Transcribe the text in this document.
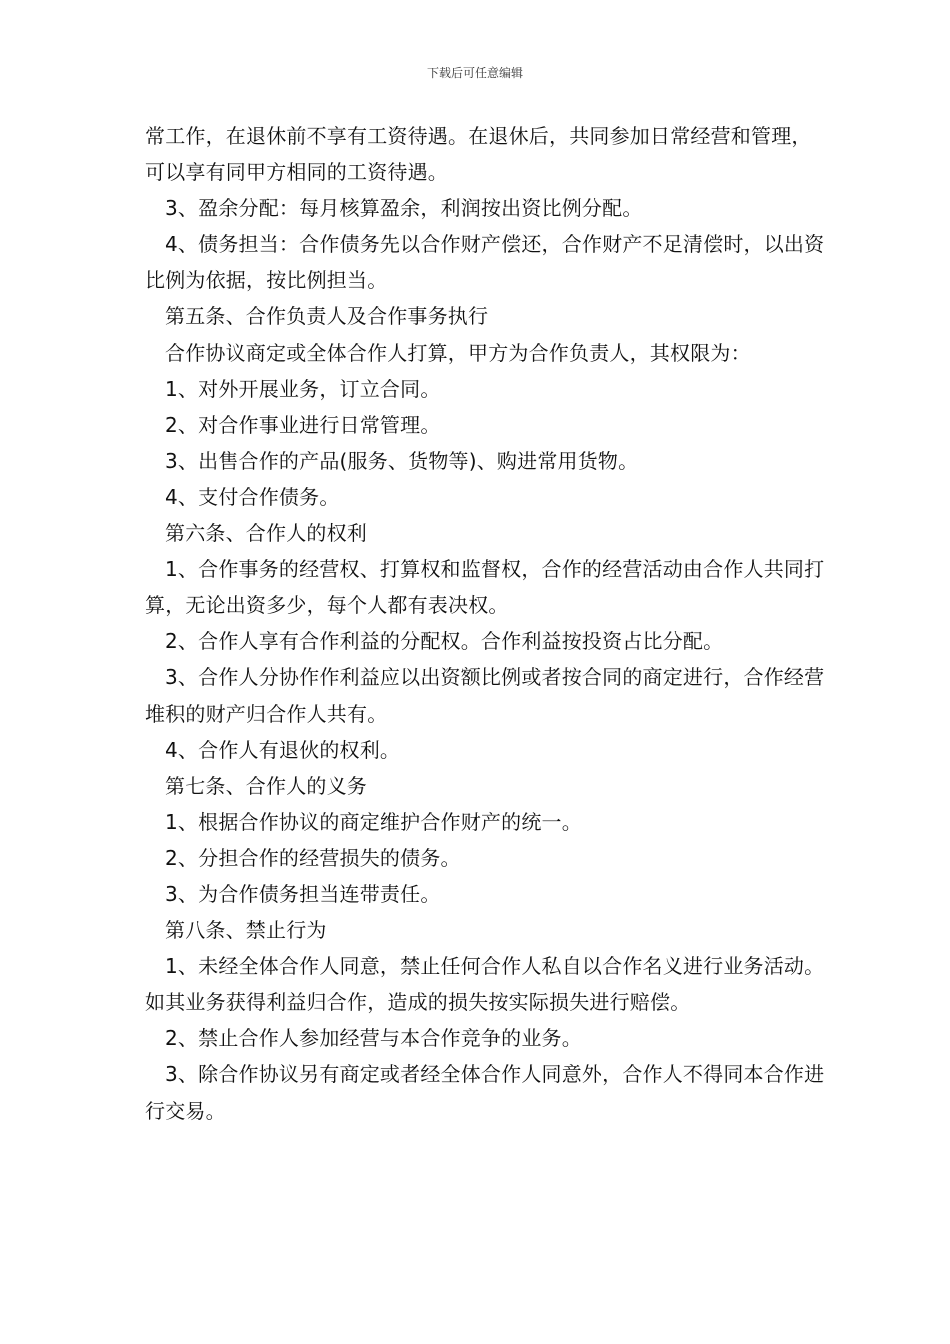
下载后可任意编辑

常工作，在退休前不享有工资待遇。在退休后，共同参加日常经营和管理，可以享有同甲方相同的工资待遇。

3、盈余分配：每月核算盈余，利润按出资比例分配。

4、债务担当：合作债务先以合作财产偿还，合作财产不足清偿时，以出资比例为依据，按比例担当。

第五条、合作负责人及合作事务执行

合作协议商定或全体合作人打算，甲方为合作负责人，其权限为：

1、对外开展业务，订立合同。

2、对合作事业进行日常管理。

3、出售合作的产品(服务、货物等)、购进常用货物。

4、支付合作债务。

第六条、合作人的权利

1、合作事务的经营权、打算权和监督权，合作的经营活动由合作人共同打算，无论出资多少，每个人都有表决权。

2、合作人享有合作利益的分配权。合作利益按投资占比分配。

3、合作人分协作作利益应以出资额比例或者按合同的商定进行，合作经营堆积的财产归合作人共有。

4、合作人有退伙的权利。

第七条、合作人的义务

1、根据合作协议的商定维护合作财产的统一。

2、分担合作的经营损失的债务。

3、为合作债务担当连带责任。

第八条、禁止行为

1、未经全体合作人同意，禁止任何合作人私自以合作名义进行业务活动。如其业务获得利益归合作，造成的损失按实际损失进行赔偿。

2、禁止合作人参加经营与本合作竞争的业务。

3、除合作协议另有商定或者经全体合作人同意外，合作人不得同本合作进行交易。
